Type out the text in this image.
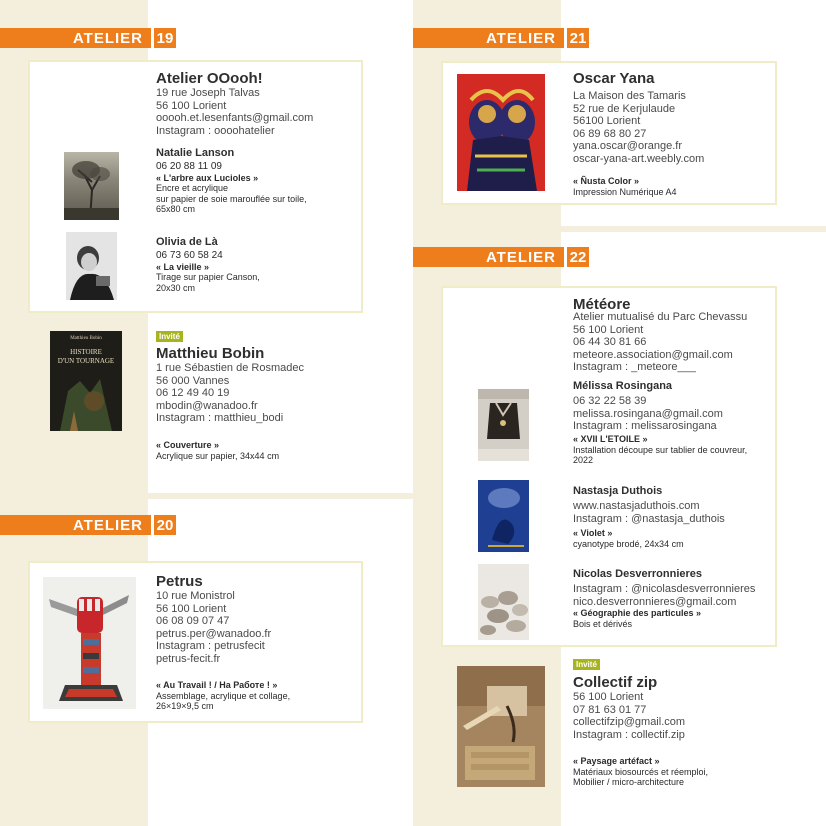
ATELIER 19
Atelier OOooh!
19 rue Joseph Talvas
56 100 Lorient
ooooh.et.lesenfants@gmail.com
Instagram : oooohatelier
Natalie Lanson
06 20 88 11 09
« L'arbre aux Lucioles »
Encre et acrylique
sur papier de soie marouflée sur toile,
65x80 cm
Olivia de Là
06 73 60 58 24
« La vieille »
Tirage sur papier Canson,
20x30 cm
Matthieu Bobin
HISTOIRE
D'UN TOURNAGE
Invité
Matthieu Bobin
1 rue Sébastien de Rosmadec
56 000 Vannes
06 12 49 40 19
mbodin@wanadoo.fr
Instagram : matthieu_bodi
« Couverture »
Acrylique sur papier, 34x44 cm
ATELIER 20
Petrus
10 rue Monistrol
56 100 Lorient
06 08 09 07 47
petrus.per@wanadoo.fr
Instagram : petrusfecit
petrus-fecit.fr
« Au Travail ! / На Работе ! »
Assemblage, acrylique et collage,
26×19×9,5 cm
ATELIER 21
Oscar Yana
La Maison des Tamaris
52 rue de Kerjulaude
56100 Lorient
06 89 68 80 27
yana.oscar@orange.fr
oscar-yana-art.weebly.com
« Ñusta Color »
Impression Numérique A4
ATELIER 22
Météore
Atelier mutualisé du Parc Chevassu
56 100 Lorient
06 44 30 81 66
meteore.association@gmail.com
Instagram : _meteore___
Mélissa Rosingana
06 32 22 58 39
melissa.rosingana@gmail.com
Instagram : melissarosingana
« XVII L'ETOILE »
Installation découpe sur tablier de couvreur,
2022
Nastasja Duthois
www.nastasjaduthois.com
Instagram : @nastasja_duthois
« Violet »
cyanotype brodé, 24x34 cm
Nicolas Desverronnieres
Instagram : @nicolasdesverronnieres
nico.desverronnieres@gmail.com
« Géographie des particules »
Bois et dérivés
Invité
Collectif zip
56 100 Lorient
07 81 63 01 77
collectifzip@gmail.com
Instagram : collectif.zip
« Paysage artéfact »
Matériaux biosourcés et réemploi,
Mobilier / micro-architecture
